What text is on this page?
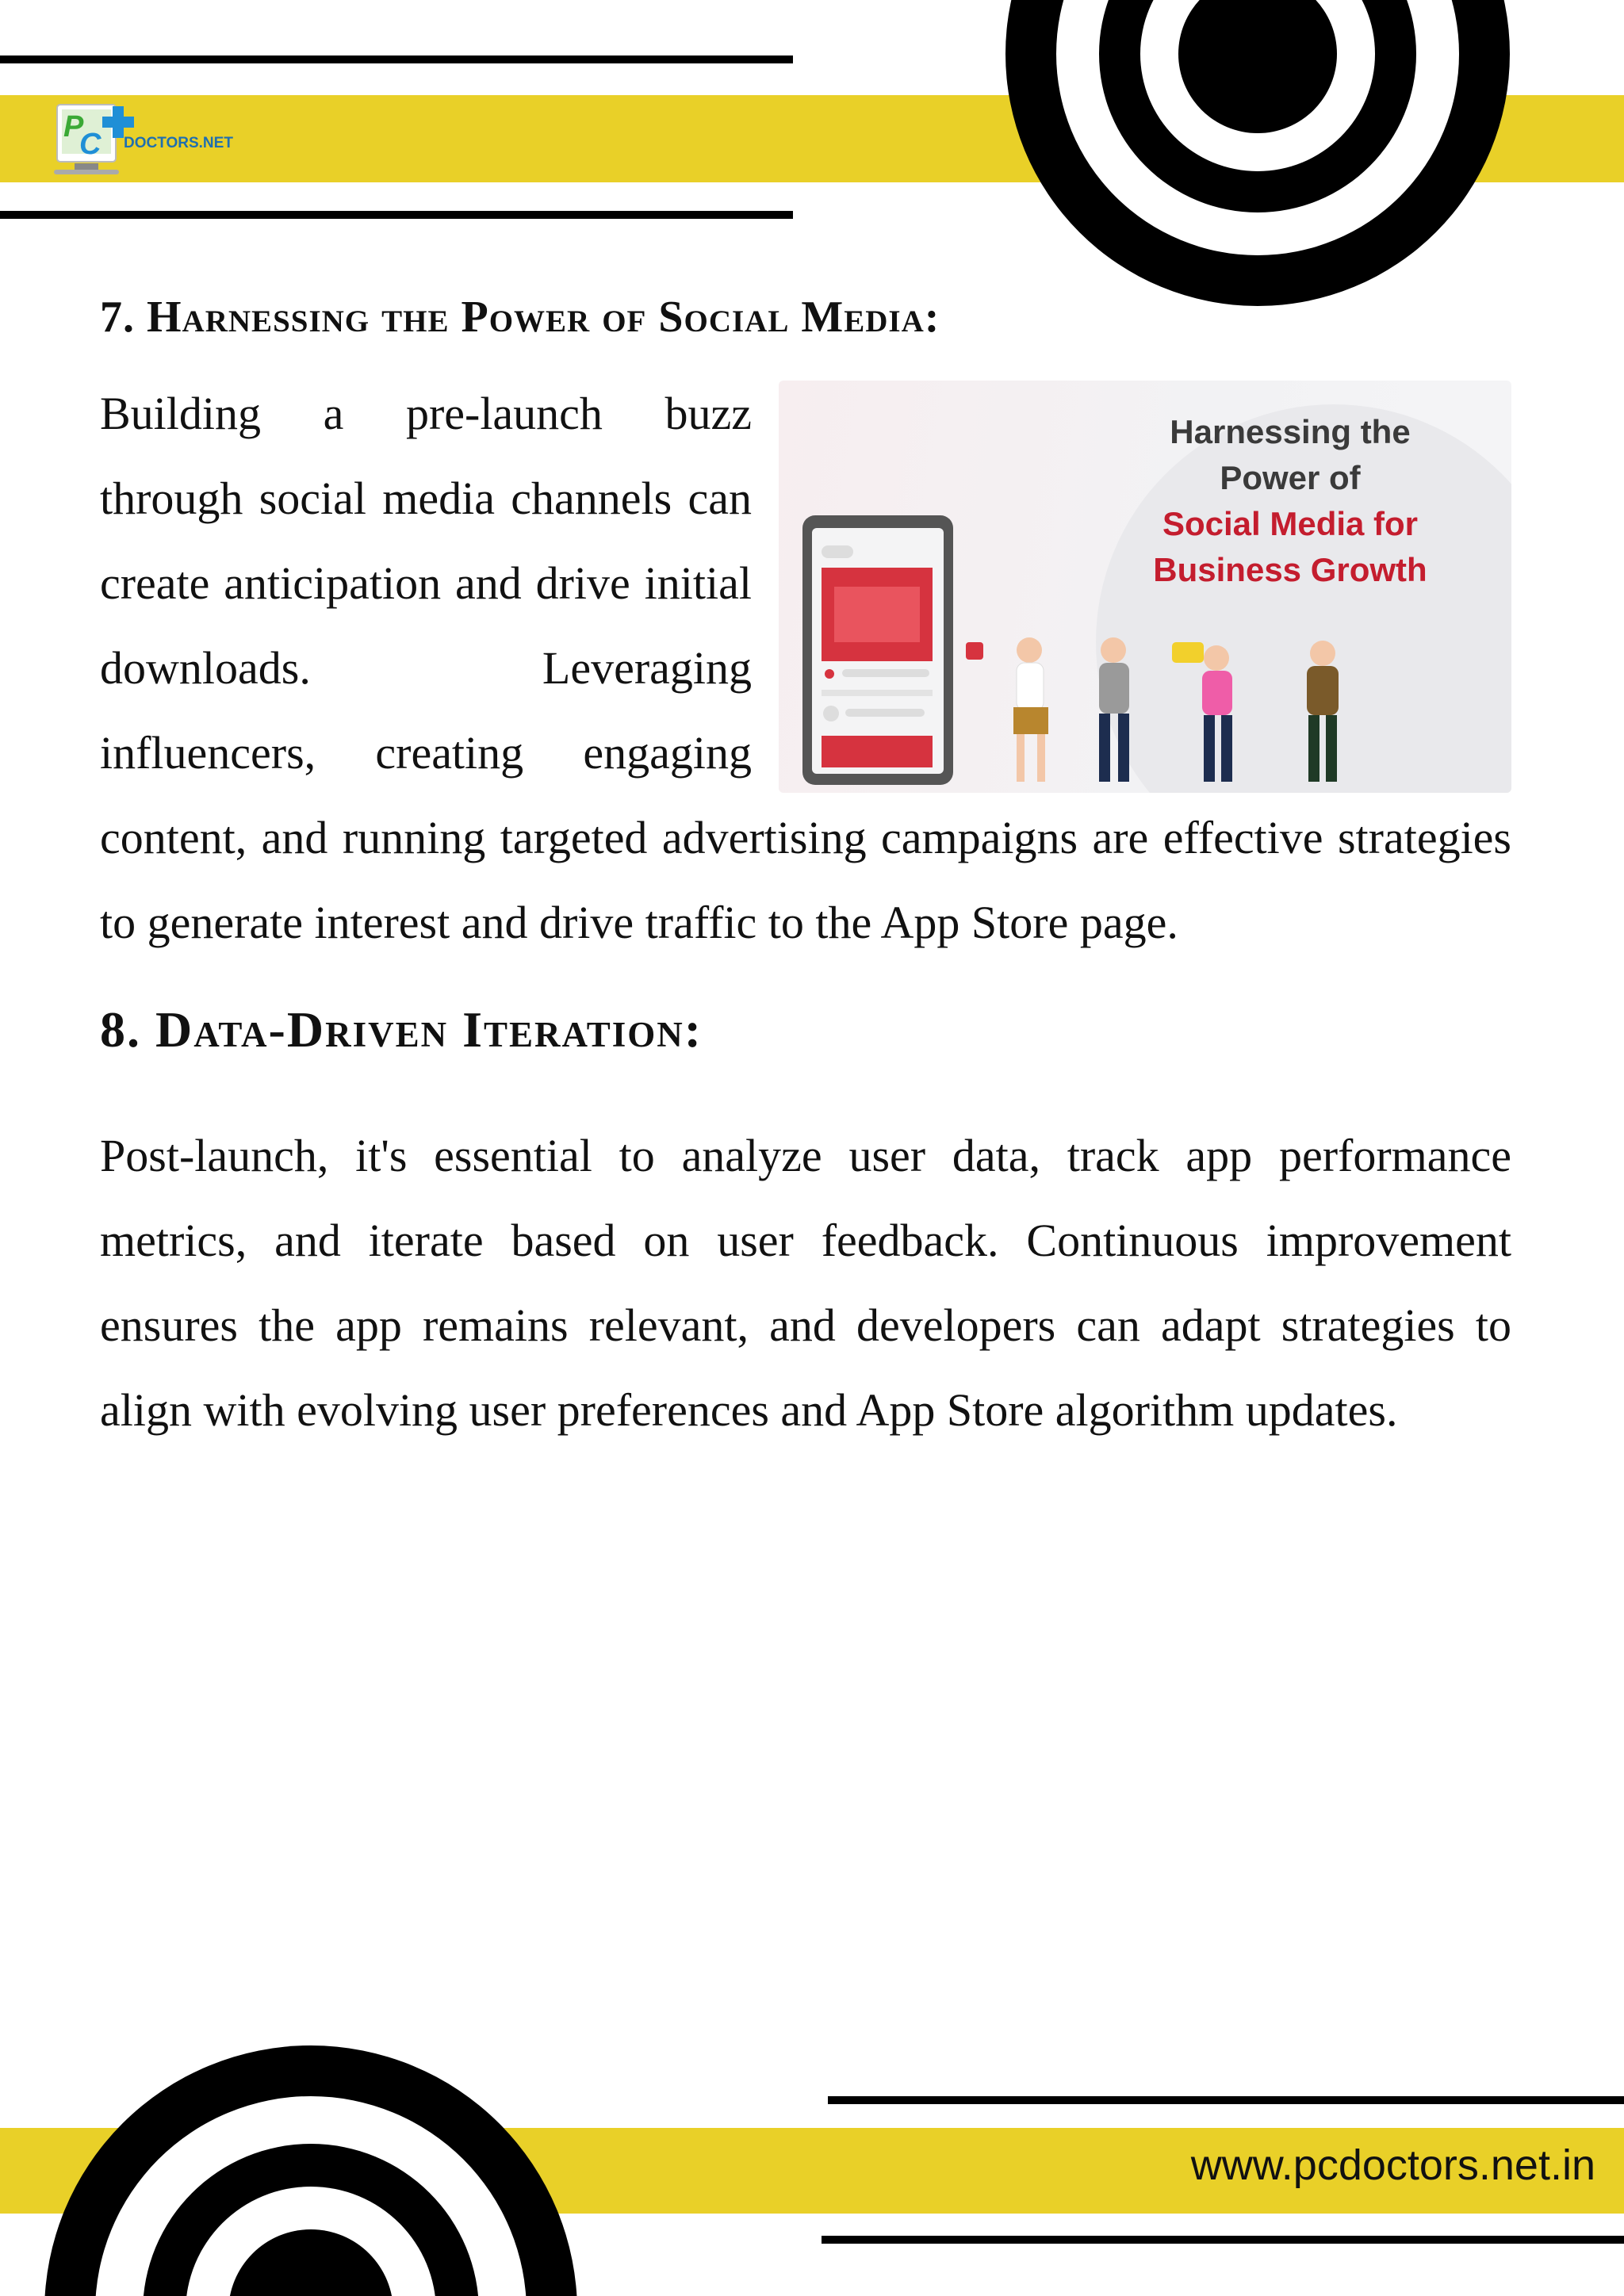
P
C DOCTORS.NET
7. Harnessing the Power of Social Media:
Harnessing the
Power of
Social Media for
Business Growth

Building a pre-launch buzz through social media channels can create anticipation and drive initial downloads. Leveraging influencers, creating engaging content, and running targeted advertising campaigns are effective strategies to generate interest and drive traffic to the App Store page.

8. Data-Driven Iteration:

Post-launch, it's essential to analyze user data, track app performance metrics, and iterate based on user feedback. Continuous improvement ensures the app remains relevant, and developers can adapt strategies to align with evolving user preferences and App Store algorithm updates.

www.pcdoctors.net.in
